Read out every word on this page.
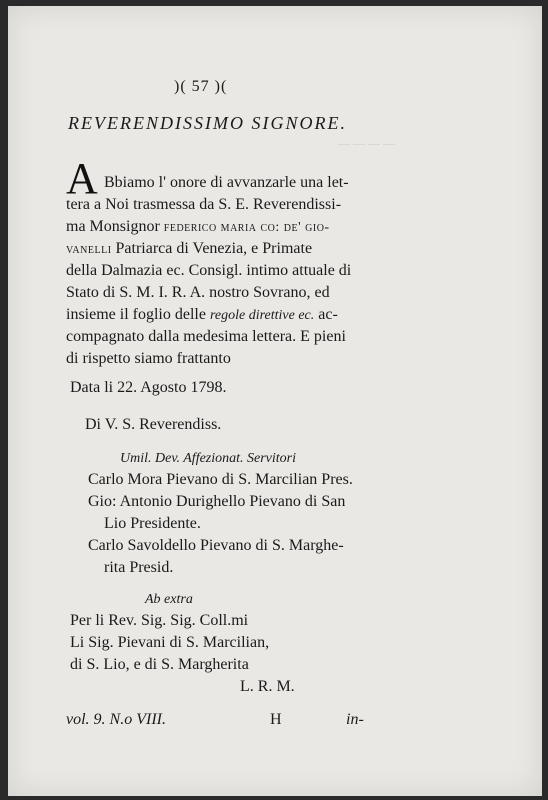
— — — —
)( 57 )(
REVERENDISSIMO SIGNORE.
A Bbiamo l' onore di avvanzarle una let-
tera a Noi trasmessa da S. E. Reverendissi-
ma Monsignor federico maria co: de' gio-
vanelli Patriarca di Venezia, e Primate
della Dalmazia ec. Consigl. intimo attuale di
Stato di S. M. I. R. A. nostro Sovrano, ed
insieme il foglio delle regole direttive ec. ac-
compagnato dalla medesima lettera. E pieni
di rispetto siamo frattanto
Data li 22. Agosto 1798.
Di V. S. Reverendiss.
Umil. Dev. Affezionat. Servitori
Carlo Mora Pievano di S. Marcilian Pres.
Gio: Antonio Durighello Pievano di San
Lio Presidente.
Carlo Savoldello Pievano di S. Marghe-
rita Presid.
Ab extra
Per li Rev. Sig. Sig. Coll.mi
Li Sig. Pievani di S. Marcilian,
di S. Lio, e di S. Margherita
L. R. M.
vol. 9. N.o VIII.	H	in-
